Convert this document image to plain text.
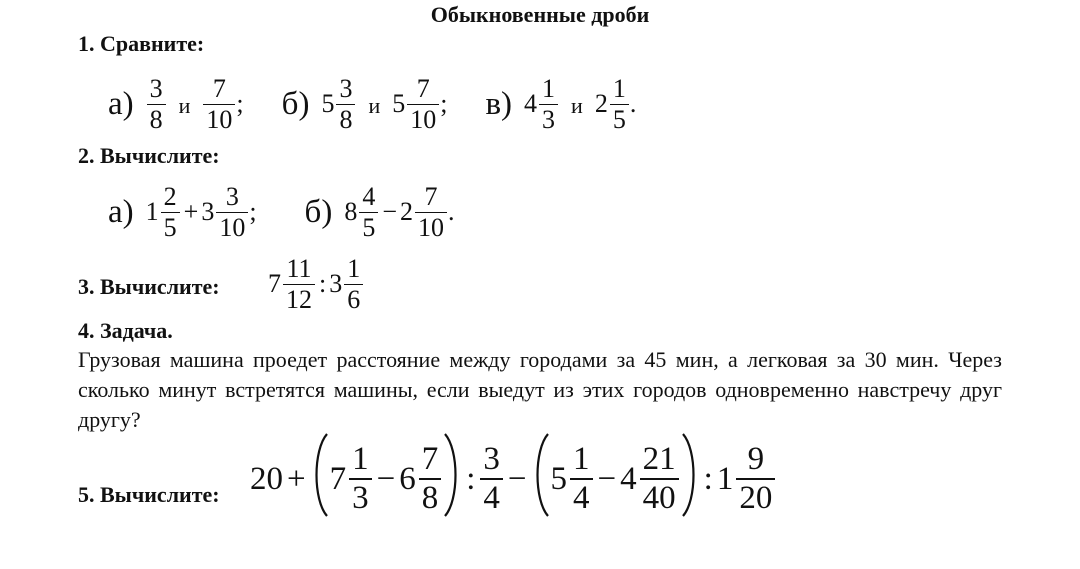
Обыкновенные дроби
1. Сравните:
$а) \frac{3}{8}$ и $\frac{7}{10}$ ; б) $5 \frac{3}{8}$ и $5 \frac{7}{10}$ ; в) $4 \frac{1}{3}$ и $2 \frac{1}{5}$ .
2. Вычислите:
а) $1 \frac{2}{5} + 3 \frac{3}{10}$ ; б) $8 \frac{4}{5} - 2 \frac{7}{10}$ .
3. Вычислите: $7 \frac{11}{12}$ : $3 \frac{1}{6}$
4. Задача.
Грузовая машина проедет расстояние между городами за 45 мин, а легковая за 30 мин. Через сколько минут встретятся машины, если выедут из этих городов одновременно навстречу друг другу?
5. Вычислите: $20 + 7 \frac{1}{3} - 6 \frac{7}{8}$ : $\frac{3}{4} - 5 \frac{1}{4} - 4 \frac{21}{40}$ : $1 \frac{9}{20}$
